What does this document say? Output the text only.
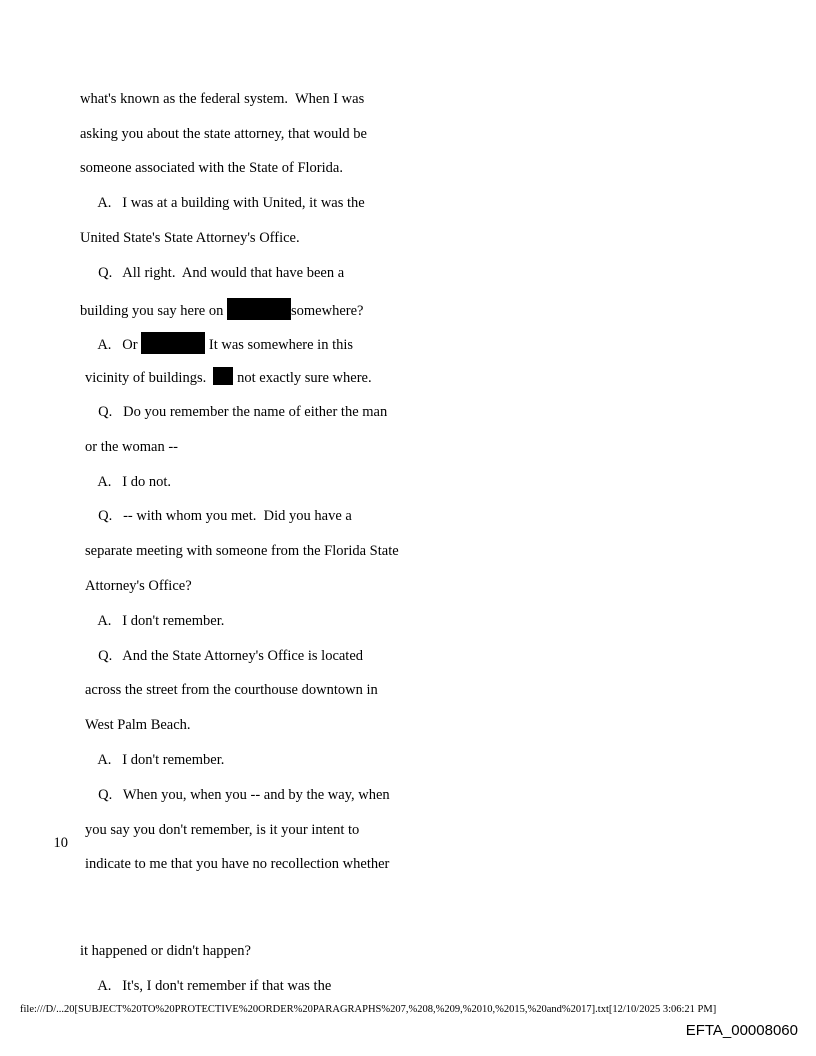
what's known as the federal system.  When I was

asking you about the state attorney, that would be

someone associated with the State of Florida.

A.   I was at a building with United, it was the

United State's State Attorney's Office.

Q.   All right.  And would that have been a

building you say here on	somewhere?

A.   Or	It was somewhere in this

vicinity of buildings.   not exactly sure where.

Q.   Do you remember the name of either the man

or the woman --

A.   I do not.

Q.   -- with whom you met.  Did you have a

separate meeting with someone from the Florida State

Attorney's Office?

A.   I don't remember.

Q.   And the State Attorney's Office is located

across the street from the courthouse downtown in

West Palm Beach.

A.   I don't remember.

Q.   When you, when you -- and by the way, when

you say you don't remember, is it your intent to

indicate to me that you have no recollection whether

10

it happened or didn't happen?

A.   It's, I don't remember if that was the

file:///D/...20[SUBJECT%20TO%20PROTECTIVE%20ORDER%20PARAGRAPHS%207,%208,%209,%2010,%2015,%20and%2017].txt[12/10/2025 3:06:21 PM]
EFTA_00008060
